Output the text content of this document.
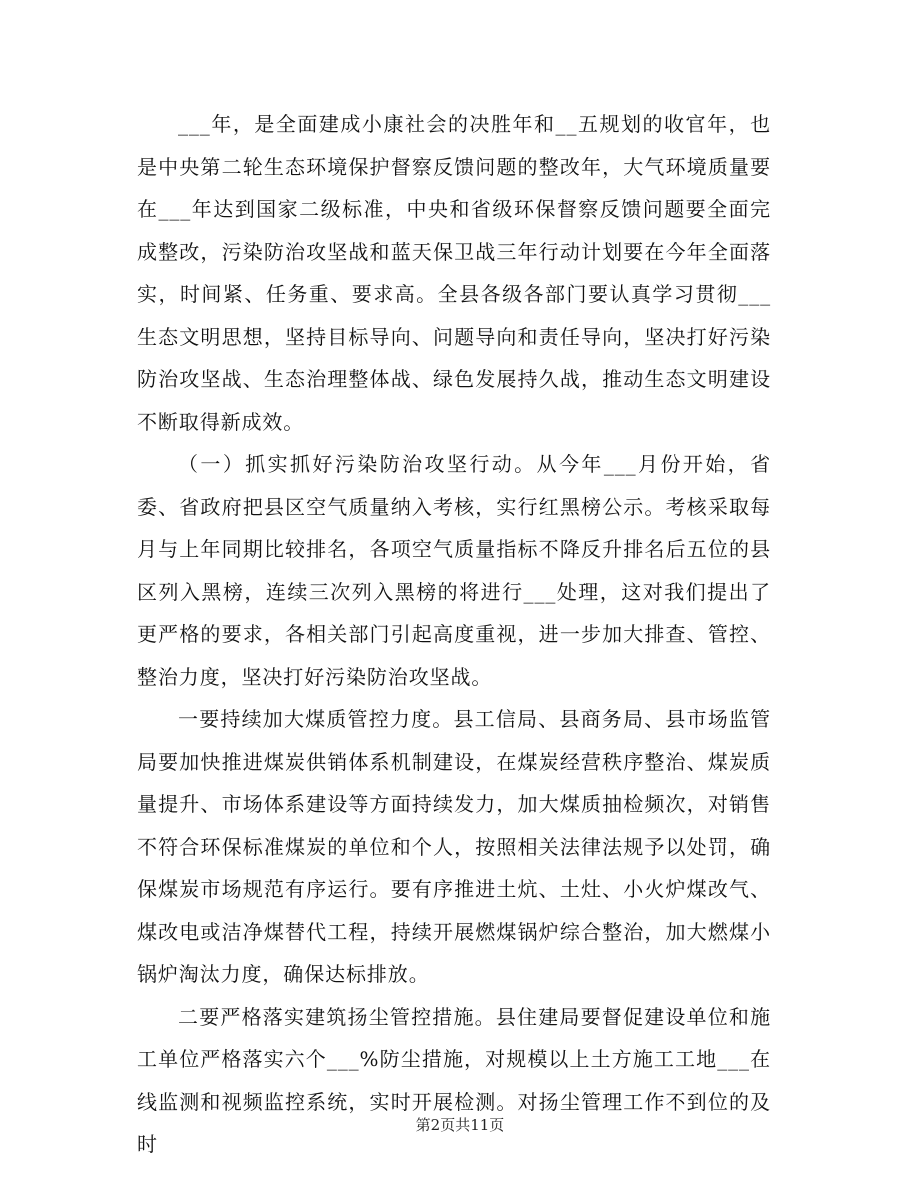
___年，是全面建成小康社会的决胜年和__五规划的收官年，也是中央第二轮生态环境保护督察反馈问题的整改年，大气环境质量要在___年达到国家二级标准，中央和省级环保督察反馈问题要全面完成整改，污染防治攻坚战和蓝天保卫战三年行动计划要在今年全面落实，时间紧、任务重、要求高。全县各级各部门要认真学习贯彻___生态文明思想，坚持目标导向、问题导向和责任导向，坚决打好污染防治攻坚战、生态治理整体战、绿色发展持久战，推动生态文明建设不断取得新成效。

（一）抓实抓好污染防治攻坚行动。从今年___月份开始，省委、省政府把县区空气质量纳入考核，实行红黑榜公示。考核采取每月与上年同期比较排名，各项空气质量指标不降反升排名后五位的县区列入黑榜，连续三次列入黑榜的将进行___处理，这对我们提出了更严格的要求，各相关部门引起高度重视，进一步加大排查、管控、整治力度，坚决打好污染防治攻坚战。

一要持续加大煤质管控力度。县工信局、县商务局、县市场监管局要加快推进煤炭供销体系机制建设，在煤炭经营秩序整治、煤炭质量提升、市场体系建设等方面持续发力，加大煤质抽检频次，对销售不符合环保标准煤炭的单位和个人，按照相关法律法规予以处罚，确保煤炭市场规范有序运行。要有序推进土炕、土灶、小火炉煤改气、煤改电或洁净煤替代工程，持续开展燃煤锅炉综合整治，加大燃煤小锅炉淘汰力度，确保达标排放。

二要严格落实建筑扬尘管控措施。县住建局要督促建设单位和施工单位严格落实六个___%防尘措施，对规模以上土方施工工地___在线监测和视频监控系统，实时开展检测。对扬尘管理工作不到位的及时

第2页共11页
